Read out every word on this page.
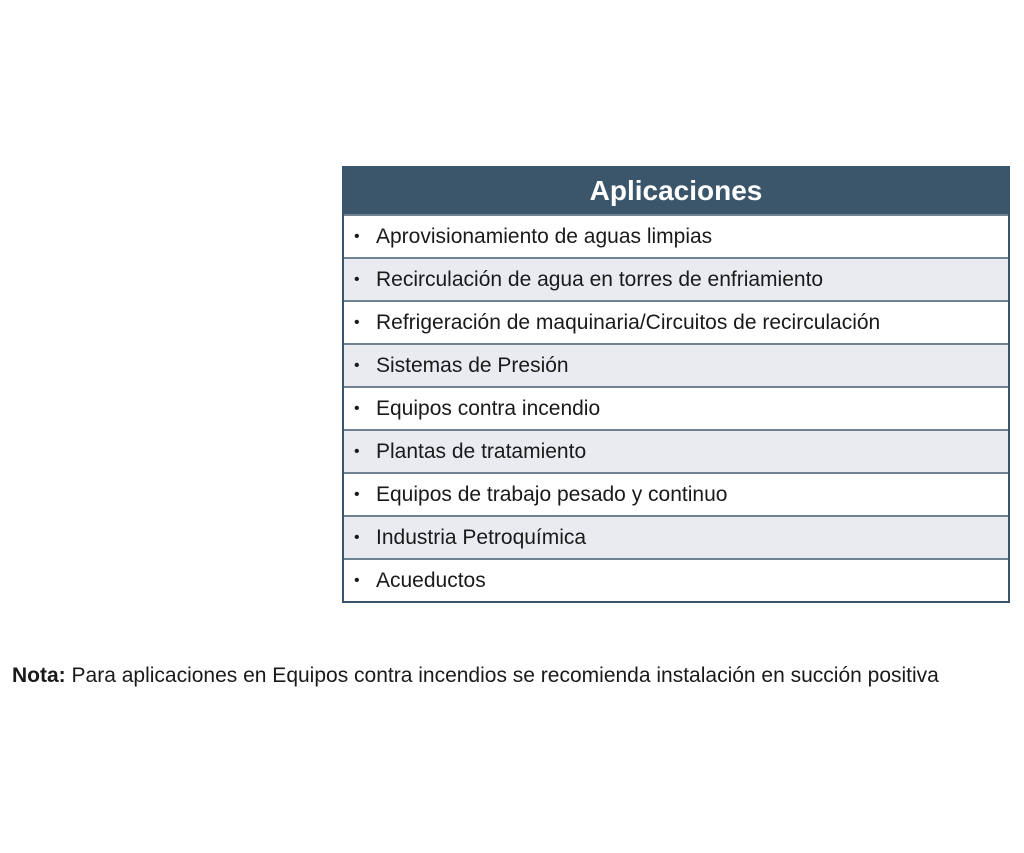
Aplicaciones
• Aprovisionamiento de aguas limpias
• Recirculación de agua en torres de enfriamiento
• Refrigeración de maquinaria/Circuitos de recirculación
• Sistemas de Presión
• Equipos contra incendio
• Plantas de tratamiento
• Equipos de trabajo pesado y continuo
• Industria Petroquímica
• Acueductos
Nota: Para aplicaciones en Equipos contra incendios se recomienda instalación en succión positiva
